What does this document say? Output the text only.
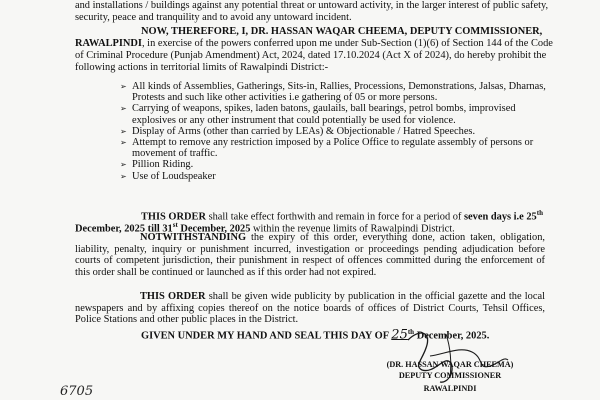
and installations / buildings against any potential threat or untoward activity, in the larger interest of public safety,
security, peace and tranquility and to avoid any untoward incident.
NOW, THEREFORE, I, DR. HASSAN WAQAR CHEEMA, DEPUTY COMMISSIONER,
RAWALPINDI, in exercise of the powers conferred upon me under Sub-Section (1)(6) of Section 144 of the Code
of Criminal Procedure (Punjab Amendment) Act, 2024, dated 17.10.2024 (Act X of 2024), do hereby prohibit the
following actions in territorial limits of Rawalpindi District:-
➢ All kinds of Assemblies, Gatherings, Sits-in, Rallies, Processions, Demonstrations, Jalsas, Dharnas, Protests and such like other activities i.e gathering of 05 or more persons.
➢ Carrying of weapons, spikes, laden batons, gaulails, ball bearings, petrol bombs, improvised explosives or any other instrument that could potentially be used for violence.
➢ Display of Arms (other than carried by LEAs) & Objectionable / Hatred Speeches.
➢ Attempt to remove any restriction imposed by a Police Office to regulate assembly of persons or movement of traffic.
➢ Pillion Riding.
➢ Use of Loudspeaker
THIS ORDER shall take effect forthwith and remain in force for a period of seven days i.e 25th
December, 2025 till 31st December, 2025 within the revenue limits of Rawalpindi District.
NOTWITHSTANDING the expiry of this order, everything done, action taken, obligation, liability, penalty, inquiry or punishment incurred, investigation or proceedings pending adjudication before courts of competent jurisdiction, their punishment in respect of offences committed during the enforcement of this order shall be continued or launched as if this order had not expired.
THIS ORDER shall be given wide publicity by publication in the official gazette and the local newspapers and by affixing copies thereof on the notice boards of offices of District Courts, Tehsil Offices, Police Stations and other public places in the District.
GIVEN UNDER MY HAND AND SEAL THIS DAY OF 25th December, 2025.
(DR. HASSAN WAQAR CHEEMA)
DEPUTY COMMISSIONER
RAWALPINDI
6705
